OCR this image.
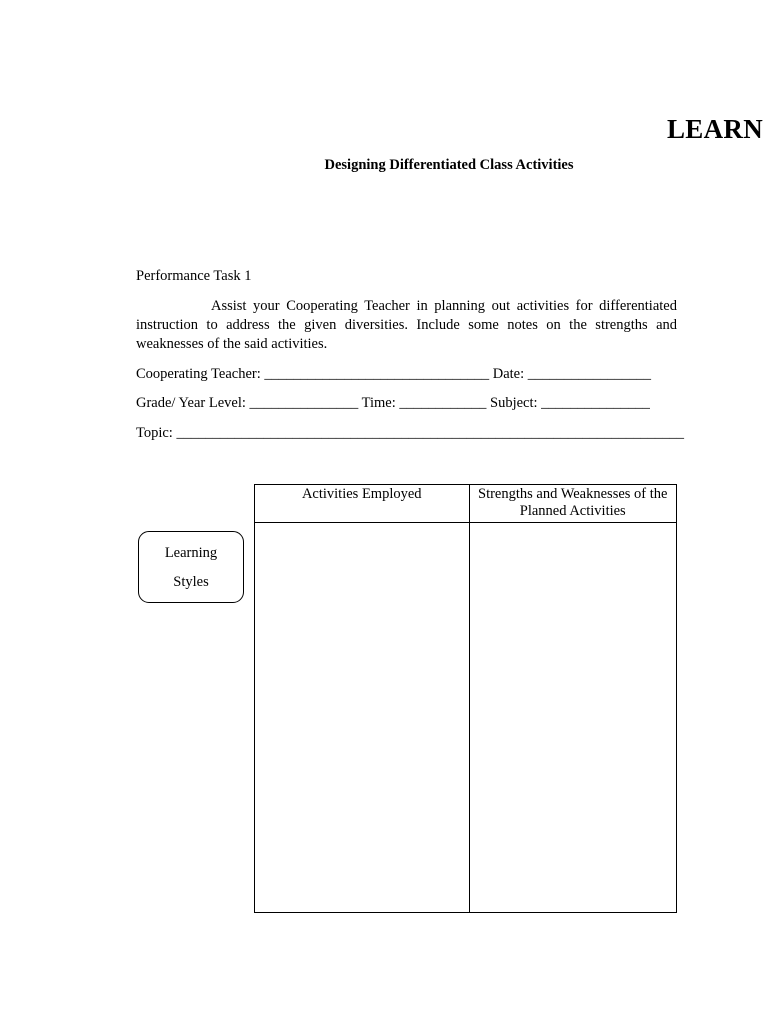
LEARN
Designing Differentiated Class Activities
Performance Task 1

Assist your Cooperating Teacher in planning out activities for differentiated instruction to address the given diversities. Include some notes on the strengths and weaknesses of the said activities.

Cooperating Teacher: _______________________________ Date: _________________
Grade/ Year Level: _______________ Time: ____________ Subject: _______________
Topic: ______________________________________________________________________
Learning
Styles
Activities Employed	Strengths and Weaknesses of the Planned Activities
